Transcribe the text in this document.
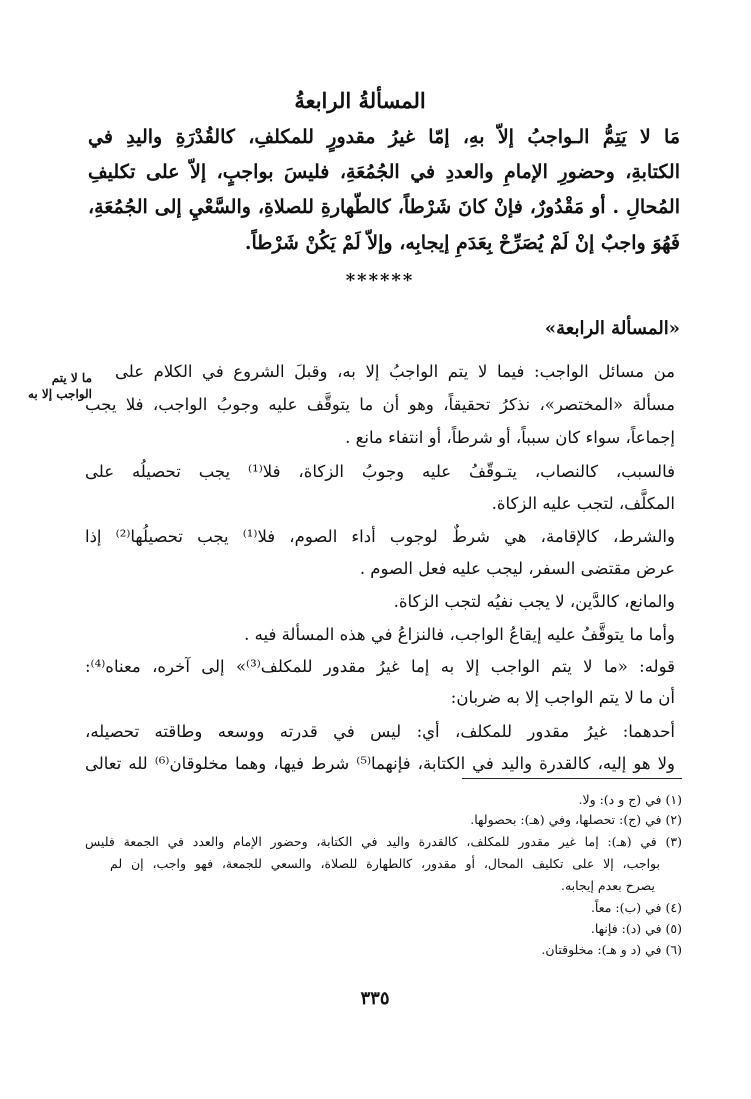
المسألةُ الرابعةُ
مَا لا يَتِمُّ الـواجبُ إلاّ بهِ، إمّا غيرُ مقدورٍ للمكلفِ، كالقُدْرَةِ واليدِ في
الكتابةِ، وحضورِ الإمامِ والعددِ في الجُمُعَةِ، فليسَ بواجبٍ، إلاّ على تكليفِ
المُحالِ . أو مَقْدُورٌ، فإنْ كانَ شَرْطاً، كالطّهارةِ للصلاةِ، والسَّعْيِ إلى الجُمُعَةِ،
فَهُوَ واجبٌ إنْ لَمْ يُصَرِّحْ بِعَدَمِ إيجابِه، وإلاّ لَمْ يَكُنْ شَرْطاً.
******
«المسألة الرابعة»
ما لا يتم الواجب إلا به
من مسائل الواجب: فيما لا يتم الواجبُ إلا به، وقبلَ الشروع في الكلام على
مسألة «المختصر»، نذكرُ تحقيقاً، وهو أن ما يتوقَّف عليه وجوبُ الواجب، فلا يجب
إجماعاً، سواء كان سبباً، أو شرطاً، أو انتفاء مانع .
فالسبب، كالنصاب، يتـوقّفُ عليه وجوبُ الزكاة، فلا⁽¹⁾ يجب تحصيلُه على
المكلَّف، لتجب عليه الزكاة.
والشرط، كالإقامة، هي شرطٌ لوجوب أداء الصوم، فلا⁽¹⁾ يجب تحصيلُها⁽²⁾ إذا
عرض مقتضى السفر، ليجب عليه فعل الصوم .
والمانع، كالدَّين، لا يجب نفيُه لتجب الزكاة.
وأما ما يتوقَّفُ عليه إيقاعُ الواجب، فالنزاعُ في هذه المسألة فيه .
قوله: «ما لا يتم الواجب إلا به إما غيرُ مقدور للمكلف⁽³⁾» إلى آخره، معناه⁽⁴⁾:
أن ما لا يتم الواجب إلا به ضربان:
أحدهما: غيرُ مقدور للمكلف، أي: ليس في قدرته ووسعه وطاقته تحصيله،
ولا هو إليه، كالقدرة واليد في الكتابة، فإنهما⁽⁵⁾ شرط فيها، وهما مخلوقان⁽⁶⁾ لله تعالى
(١) في (ج و د): ولا.
(٢) في (ج): تحصلها، وفي (هـ): بحصولها.
(٣) في (هـ): إما غير مقدور للمكلف، كالقدرة واليد في الكتابة، وحضور الإمام والعدد في الجمعة فليس
بواجب، إلا على تكليف المحال، أو مقدور، كالطهارة للصلاة، والسعي للجمعة، فهو واجب، إن لم
يصرح بعدم إيجابه.
(٤) في (ب): معاً.
(٥) في (د): فإنها.
(٦) في (د و هـ): مخلوقتان.
٣٣٥
